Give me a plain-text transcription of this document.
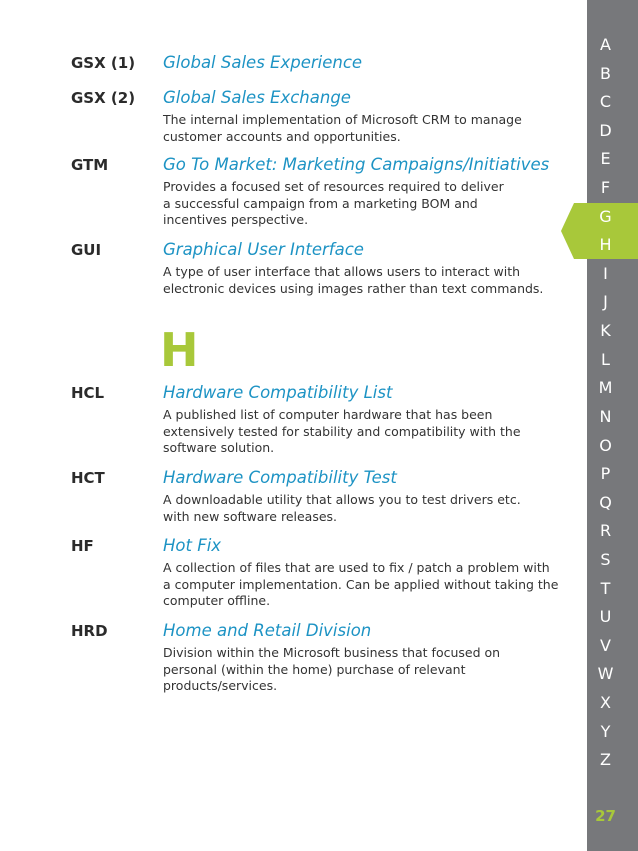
GSX (1) Global Sales Experience
GSX (2) Global Sales Exchange
The internal implementation of Microsoft CRM to manage
customer accounts and opportunities.
GTM	Go To Market: Marketing Campaigns/Initiatives
Provides a focused set of resources required to deliver
a successful campaign from a marketing BOM and
incentives perspective.
GUI	Graphical User Interface
A type of user interface that allows users to interact with
electronic devices using images rather than text commands.
H
HCL	Hardware Compatibility List
A published list of computer hardware that has been
extensively tested for stability and compatibility with the
software solution.
HCT	Hardware Compatibility Test
A downloadable utility that allows you to test drivers etc.
with new software releases.
HF	Hot Fix
A collection of files that are used to fix / patch a problem with
a computer implementation. Can be applied without taking the
computer offline.
HRD	Home and Retail Division
Division within the Microsoft business that focused on
personal (within the home) purchase of relevant
products/services.
A
B
C
D
E
F
G
H
I
J
K
L
M
N
O
P
Q
R
S
T
U
V
W
X
Y
Z
27
